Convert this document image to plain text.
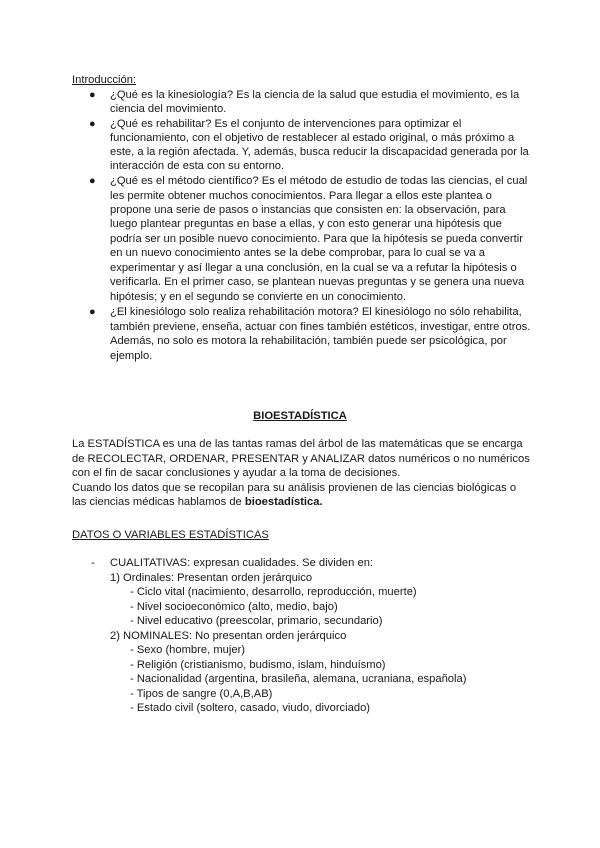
Introducción:
● ¿Qué es la kinesiología? Es la ciencia de la salud que estudia el movimiento, es la
ciencia del movimiento.
● ¿Qué es rehabilitar? Es el conjunto de intervenciones para optimizar el
funcionamiento, con el objetivo de restablecer al estado original, o más próximo a
este, a la región afectada. Y, además, busca reducir la discapacidad generada por la
interacción de esta con su entorno.
● ¿Qué es el método científico? Es el método de estudio de todas las ciencias, el cual
les permite obtener muchos conocimientos. Para llegar a ellos este plantea o
propone una serie de pasos o instancias que consisten en: la observación, para
luego plantear preguntas en base a ellas, y con esto generar una hipótesis que
podría ser un posible nuevo conocimiento. Para que la hipótesis se pueda convertir
en un nuevo conocimiento antes se la debe comprobar, para lo cual se va a
experimentar y así llegar a una conclusión, en la cual se va a refutar la hipótesis o
verificarla. En el primer caso, se plantean nuevas preguntas y se genera una nueva
hipótesis; y en el segundo se convierte en un conocimiento.
● ¿El kinesiólogo solo realiza rehabilitación motora? El kinesiólogo no sólo rehabilita,
también previene, enseña, actuar con fines también estéticos, investigar, entre otros.
Además, no solo es motora la rehabilitación, también puede ser psicológica, por
ejemplo.
BIOESTADÍSTICA
La ESTADÍSTICA es una de las tantas ramas del árbol de las matemáticas que se encarga
de RECOLECTAR, ORDENAR, PRESENTAR y ANALIZAR datos numéricos o no numéricos
con el fin de sacar conclusiones y ayudar a la toma de decisiones.
Cuando los datos que se recopilan para su análisis provienen de las ciencias biológicas o
las ciencias médicas hablamos de bioestadística.
DATOS O VARIABLES ESTADÍSTICAS
- CUALITATIVAS: expresan cualidades. Se dividen en:
1) Ordinales: Presentan orden jerárquico
- Ciclo vital (nacimiento, desarrollo, reproducción, muerte)
- Nivel socioeconómico (alto, medio, bajo)
- Nivel educativo (preescolar, primario, secundario)
2) NOMINALES: No presentan orden jerárquico
- Sexo (hombre, mujer)
- Religión (cristianismo, budismo, islam, hinduísmo)
- Nacionalidad (argentina, brasileña, alemana, ucraniana, española)
- Tipos de sangre (0,A,B,AB)
- Estado civil (soltero, casado, viudo, divorciado)
